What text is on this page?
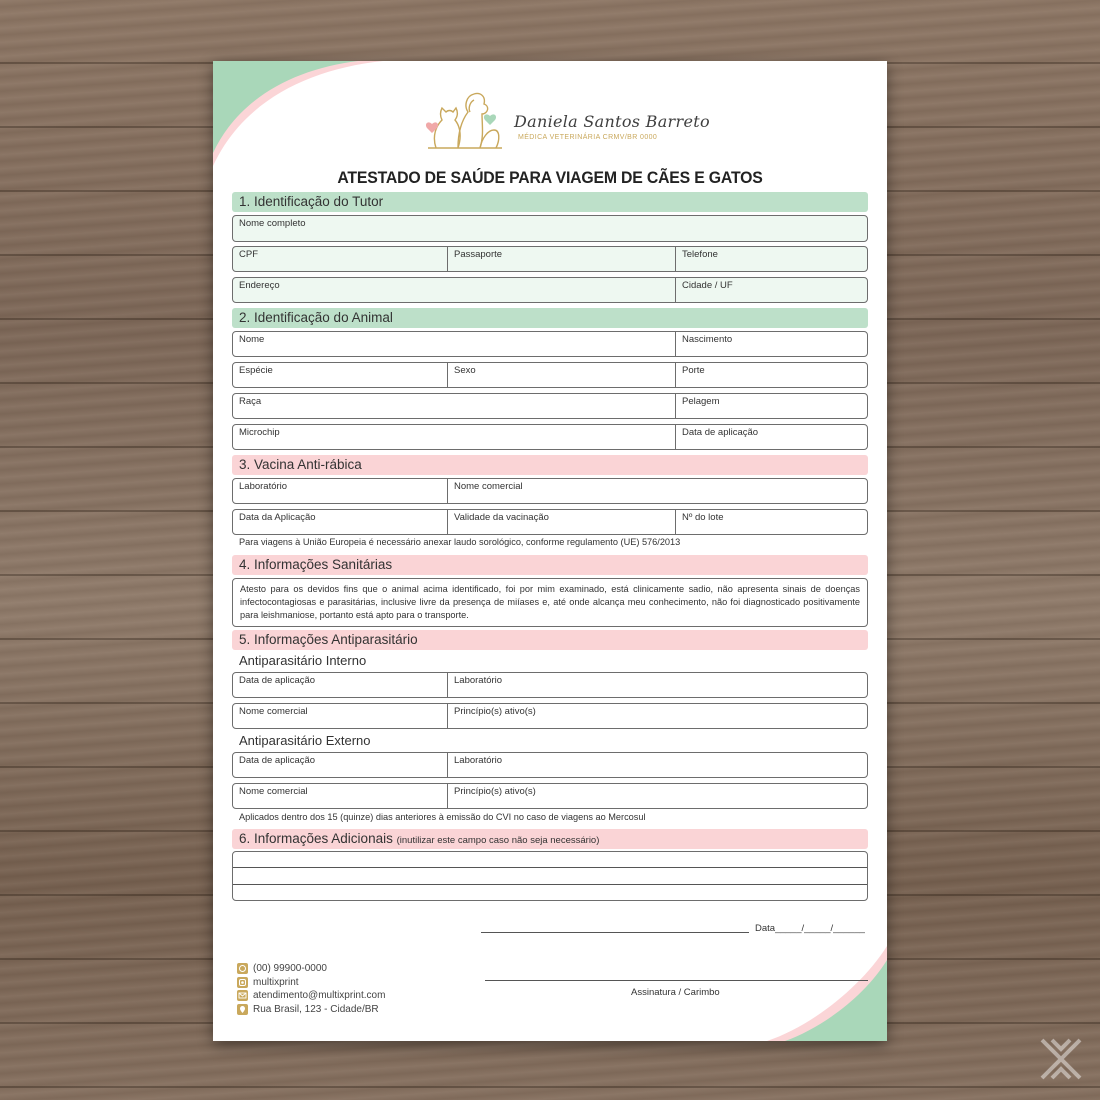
Daniela Santos Barreto
MÉDICA VETERINÁRIA CRMV/BR 0000
ATESTADO DE SAÚDE PARA VIAGEM DE CÃES E GATOS
1. Identificação do Tutor
Nome completo
CPF	Passaporte	Telefone
Endereço	Cidade / UF
2. Identificação do Animal
Nome	Nascimento
Espécie	Sexo	Porte
Raça	Pelagem
Microchip	Data de aplicação
3. Vacina Anti-rábica
Laboratório	Nome comercial
Data da Aplicação	Validade da vacinação	Nº do lote
Para viagens à União Europeia é necessário anexar laudo sorológico, conforme regulamento (UE) 576/2013
4. Informações Sanitárias
Atesto para os devidos fins que o animal acima identificado, foi por mim examinado, está clinicamente sadio, não apresenta sinais de doenças infectocontagiosas e parasitárias, inclusive livre da presença de miíases e, até onde alcança meu conhecimento, não foi diagnosticado positivamente para leishmaniose, portanto está apto para o transporte.
5. Informações Antiparasitário
Antiparasitário Interno
Data de aplicação	Laboratório
Nome comercial	Princípio(s) ativo(s)
Antiparasitário Externo
Data de aplicação	Laboratório
Nome comercial	Princípio(s) ativo(s)
Aplicados dentro dos 15 (quinze) dias anteriores à emissão do CVI no caso de viagens ao Mercosul
6. Informações Adicionais (inutilizar este campo caso não seja necessário)
Data_____/_____/______
Assinatura / Carimbo
(00) 99900-0000
multixprint
atendimento@multixprint.com
Rua Brasil, 123 - Cidade/BR
